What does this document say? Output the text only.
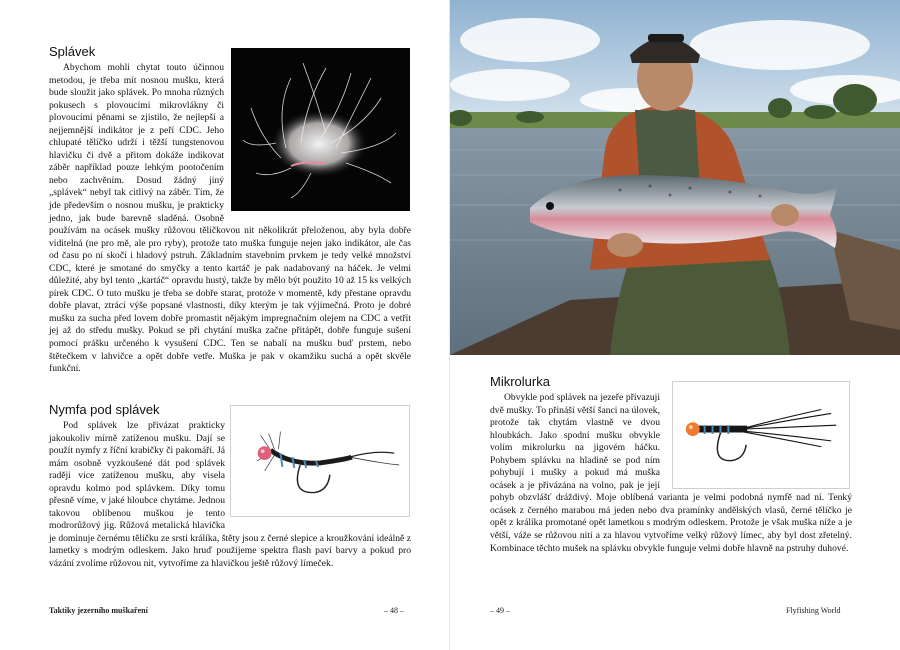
Splávek

Abychom mohli chytat touto účinnou metodou, je třeba mít nosnou mušku, která bude sloužit jako splávek. Po mnoha různých pokusech s plovoucími mikrovlákny či plovoucími pěnami se zjistilo, že nejlepší a nejjemnější indikátor je z peří CDC. Jeho chlupaté tělíčko udrží i těžší tungstenovou hlavičku či dvě a přitom dokáže indikovat záběr například pouze lehkým pootočením nebo zachvěním. Dosud žádný jiný „splávek“ nebyl tak citlivý na záběr. Tím, že jde především o nosnou mušku, je prakticky jedno, jak bude barevně sladěná. Osobně používám na ocásek mušky růžovou tělíčkovou nit několikrát přeloženou, aby byla dobře viditelná (ne pro mě, ale pro ryby), protože tato muška funguje nejen jako indikátor, ale čas od času po ní skočí i hladový pstruh. Základním stavebním prvkem je tedy velké množství CDC, které je smotané do smyčky a tento kartáč je pak nadabovaný na háček. Je velmi důležité, aby byl tento „kartáč“ opravdu hustý, takže by mělo být použito 10 až 15 ks velkých pírek CDC. O tuto mušku je třeba se dobře starat, protože v momentě, kdy přestane opravdu dobře plavat, ztrácí výše popsané vlastnosti, díky kterým je tak výjimečná. Proto je dobré mušku za sucha před lovem dobře promastit nějakým impregnačním olejem na CDC a vetřít jej až do středu mušky. Pokud se při chytání muška začne přitápět, dobře funguje sušení pomocí prášku určeného k vysušení CDC. Ten se nabalí na mušku buď prstem, nebo štětečkem v lahvičce a opět dobře vetře. Muška je pak v okamžiku suchá a opět skvěle funkční.

Nymfa pod splávek

Pod splávek lze přivázat prakticky jakoukoliv mírně zatíženou mušku. Dají se použít nymfy z říční krabičky či pakomáří. Já mám osobně vyzkoušené dát pod splávek raději více zatíženou mušku, aby visela opravdu kolmo pod splávkem. Díky tomu přesně víme, v jaké hloubce chytáme. Jednou takovou oblíbenou muškou je tento modrorůžový jig. Růžová metalická hlavička je dominuje černému tělíčku ze srsti králíka, štěty jsou z černé slepice a kroužkování ideálně z lametky s modrým odleskem. Jako hruď použijeme spektra flash paví barvy a pokud pro vázání zvolíme růžovou nit, vytvoříme za hlavičkou ještě růžový límeček.

Taktiky jezerního muškaření	– 48 –
Mikrolurka

Obvykle pod splávek na jezeře přivazuji dvě mušky. To přináší větší šanci na úlovek, protože tak chytám vlastně ve dvou hloubkách. Jako spodní mušku obvykle volím mikrolurku na jigovém háčku. Pohybem splávku na hladině se pod ním pohybují i mušky a pokud má muška ocásek a je přivázána na volno, pak je její pohyb obzvlášť dráždivý. Moje oblíbená varianta je velmi podobná nymfě nad ní. Tenký ocásek z černého marabou má jeden nebo dva pramínky andělských vlasů, černé tělíčko je opět z králíka promotané opět lametkou s modrým odleskem. Protože je však muška níže a je větší, váže se růžovou nití a za hlavou vytvoříme velký růžový límec, aby byl dost zřetelný. Kombinace těchto mušek na splávku obvykle funguje velmi dobře hlavně na pstruhy duhové.

– 49 –	Flyfishing World
